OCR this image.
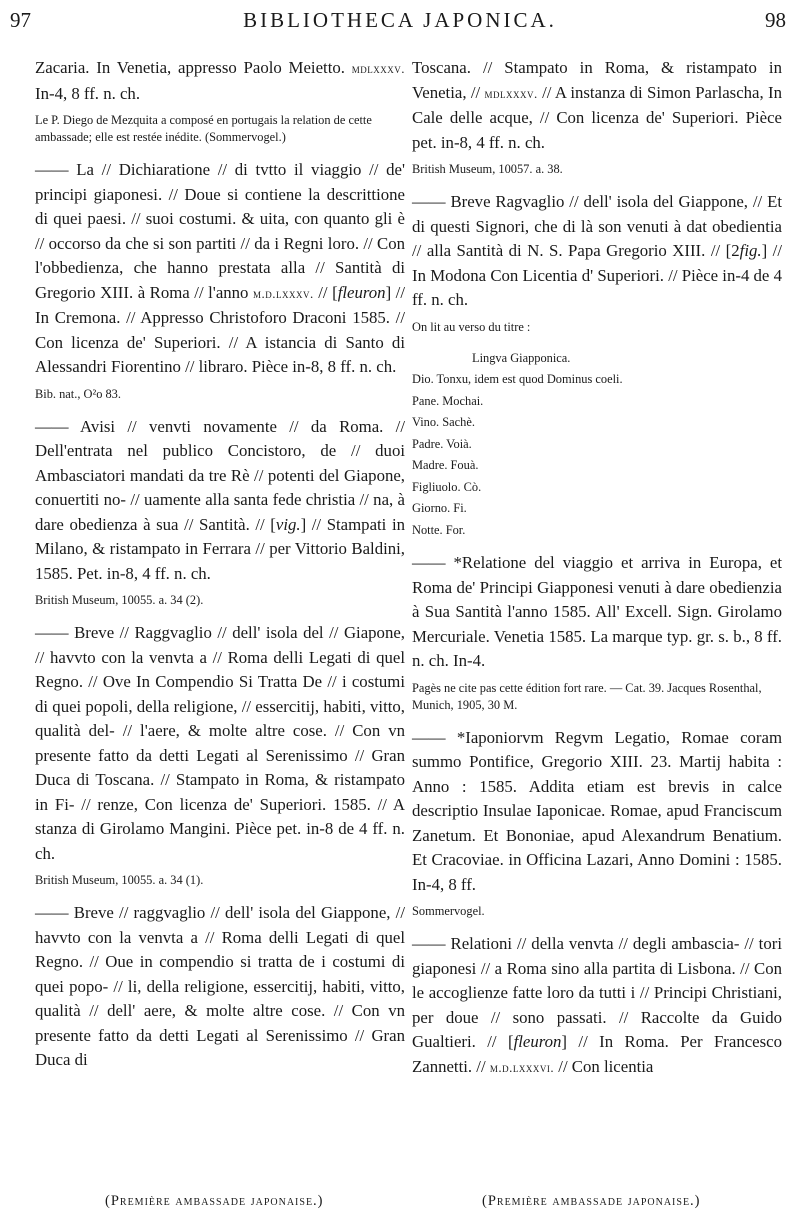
97	BIBLIOTHECA JAPONICA.	98

Zacaria. In Venetia, appresso Paolo Meietto. mdlxxxv. In-4, 8 ff. n. ch.

Le P. Diego de Mezquita a composé en portugais la relation de cette ambassade; elle est restée inédite. (Sommervogel.)

—— La // Dichiaratione // di tvtto il viaggio // de' principi giaponesi. // Doue si contiene la descrittione di quei paesi. // suoi costumi. & uita, con quanto gli è // occorso da che si son partiti // da i Regni loro. // Con l'obbedienza, che hanno prestata alla // Santità di Gregorio XIII. à Roma // l'anno m.d.lxxxv. // [fleuron] // In Cremona. // Appresso Christoforo Draconi 1585. // Con licenza de' Superiori. // A istancia di Santo di Alessandri Fiorentino // libraro. Pièce in-8, 8 ff. n. ch.

Bib. nat., O²o 83.

—— Avisi // venvti novamente // da Roma. // Dell'entrata nel publico Concistoro, de // duoi Ambasciatori mandati da tre Rè // potenti del Giapone, conuertiti no- // uamente alla santa fede christia // na, à dare obedienza à sua // Santità. // [vig.] // Stampati in Milano, & ristampato in Ferrara // per Vittorio Baldini, 1585. Pet. in-8, 4 ff. n. ch.

British Museum, 10055. a. 34 (2).

—— Breve // Raggvaglio // dell' isola del // Giapone, // havvto con la venvta a // Roma delli Legati di quel Regno. // Ove In Compendio Si Tratta De // i costumi di quei popoli, della religione, // essercitij, habiti, vitto, qualità del- // l'aere, & molte altre cose. // Con vn presente fatto da detti Legati al Serenissimo // Gran Duca di Toscana. // Stampato in Roma, & ristampato in Fi- // renze, Con licenza de' Superiori. 1585. // A stanza di Girolamo Mangini. Pièce pet. in-8 de 4 ff. n. ch.

British Museum, 10055. a. 34 (1).

—— Breve // raggvaglio // dell' isola del Giappone, // havvto con la venvta a // Roma delli Legati di quel Regno. // Oue in compendio si tratta de i costumi di quei popo- // li, della religione, essercitij, habiti, vitto, qualità // dell' aere, & molte altre cose. // Con vn presente fatto da detti Legati al Serenissimo // Gran Duca di

Toscana. // Stampato in Roma, & ristampato in Venetia, // mdlxxxv. // A instanza di Simon Parlascha, In Cale delle acque, // Con licenza de' Superiori. Pièce pet. in-8, 4 ff. n. ch.

British Museum, 10057. a. 38.

—— Breve Ragvaglio // dell' isola del Giappone, // Et di questi Signori, che di là son venuti à dat obedientia // alla Santità di N. S. Papa Gregorio XIII. // [2fig.] // In Modona Con Licentia d' Superiori. // Pièce in-4 de 4 ff. n. ch.

On lit au verso du titre :

Lingva Giapponica.
Dio. Tonxu, idem est quod Dominus coeli.
Pane. Mochai.
Vino. Sachè.
Padre. Voià.
Madre. Fouà.
Figliuolo. Cò.
Giorno. Fi.
Notte. For.

—— *Relatione del viaggio et arriva in Europa, et Roma de' Principi Giapponesi venuti à dare obedienzia à Sua Santità l'anno 1585. All' Excell. Sign. Girolamo Mercuriale. Venetia 1585. La marque typ. gr. s. b., 8 ff. n. ch. In-4.

Pagès ne cite pas cette édition fort rare. — Cat. 39. Jacques Rosenthal, Munich, 1905, 30 M.

—— *Iaponiorvm Regvm Legatio, Romae coram summo Pontifice, Gregorio XIII. 23. Martij habita : Anno : 1585. Addita etiam est brevis in calce descriptio Insulae Iaponicae. Romae, apud Franciscum Zanetum. Et Bononiae, apud Alexandrum Benatium. Et Cracoviae. in Officina Lazari, Anno Domini : 1585. In-4, 8 ff.

Sommervogel.

—— Relationi // della venvta // degli ambascia- // tori giaponesi // a Roma sino alla partita di Lisbona. // Con le accoglienze fatte loro da tutti i // Principi Christiani, per doue // sono passati. // Raccolte da Guido Gualtieri. // [fleuron] // In Roma. Per Francesco Zannetti. // m.d.lxxxvi. // Con licentia

(Première ambassade japonaise.)	(Première ambassade japonaise.)
